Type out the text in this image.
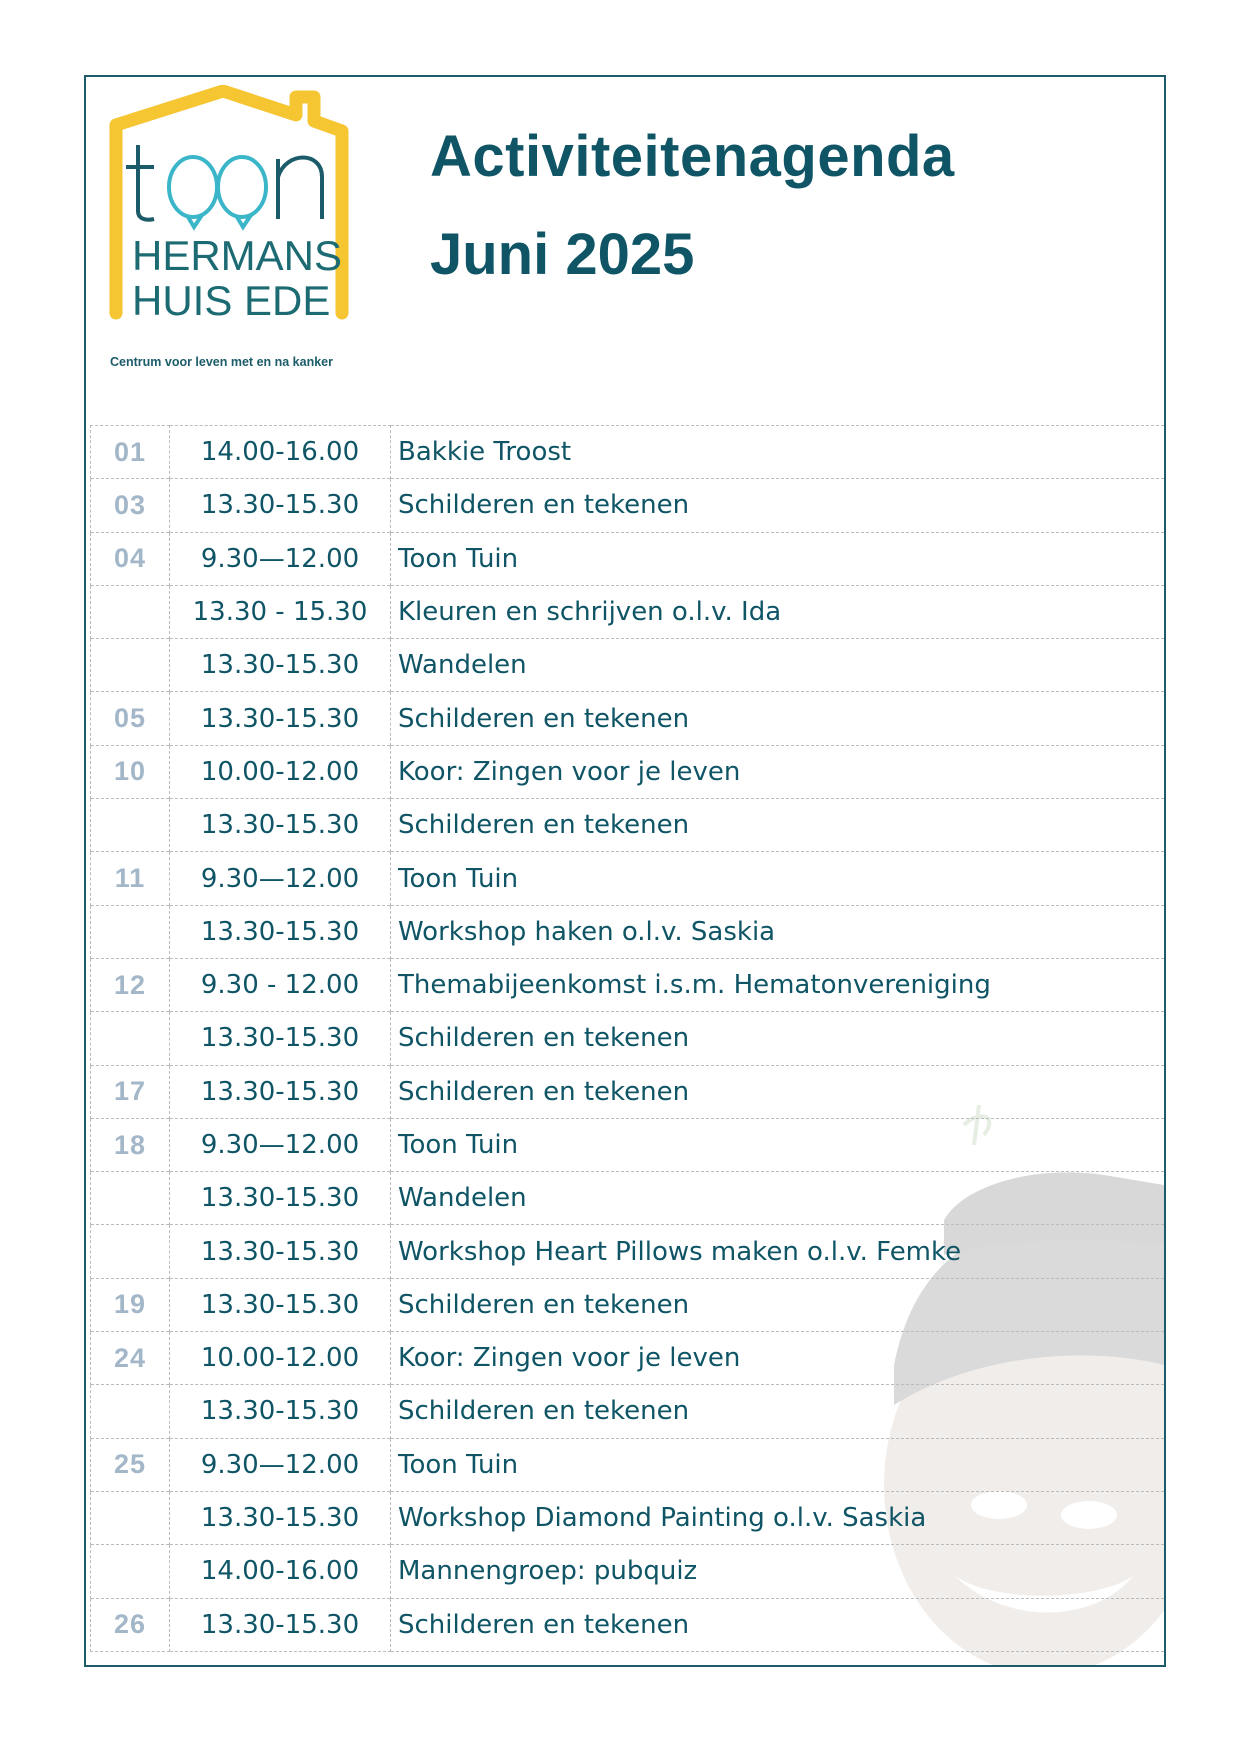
HERMANS
HUIS EDE
Centrum voor leven met en na kanker
Activiteitenagenda
Juni 2025
01	14.00-16.00	Bakkie Troost
03	13.30-15.30	Schilderen en tekenen
04	9.30—12.00	Toon Tuin
	13.30 - 15.30	Kleuren en schrijven o.l.v. Ida
	13.30-15.30	Wandelen
05	13.30-15.30	Schilderen en tekenen
10	10.00-12.00	Koor: Zingen voor je leven
	13.30-15.30	Schilderen en tekenen
11	9.30—12.00	Toon Tuin
	13.30-15.30	Workshop haken o.l.v. Saskia
12	9.30 - 12.00	Themabijeenkomst i.s.m. Hematonvereniging
	13.30-15.30	Schilderen en tekenen
17	13.30-15.30	Schilderen en tekenen
18	9.30—12.00	Toon Tuin
	13.30-15.30	Wandelen
	13.30-15.30	Workshop Heart Pillows maken o.l.v. Femke
19	13.30-15.30	Schilderen en tekenen
24	10.00-12.00	Koor: Zingen voor je leven
	13.30-15.30	Schilderen en tekenen
25	9.30—12.00	Toon Tuin
	13.30-15.30	Workshop Diamond Painting o.l.v. Saskia
	14.00-16.00	Mannengroep: pubquiz
26	13.30-15.30	Schilderen en tekenen
